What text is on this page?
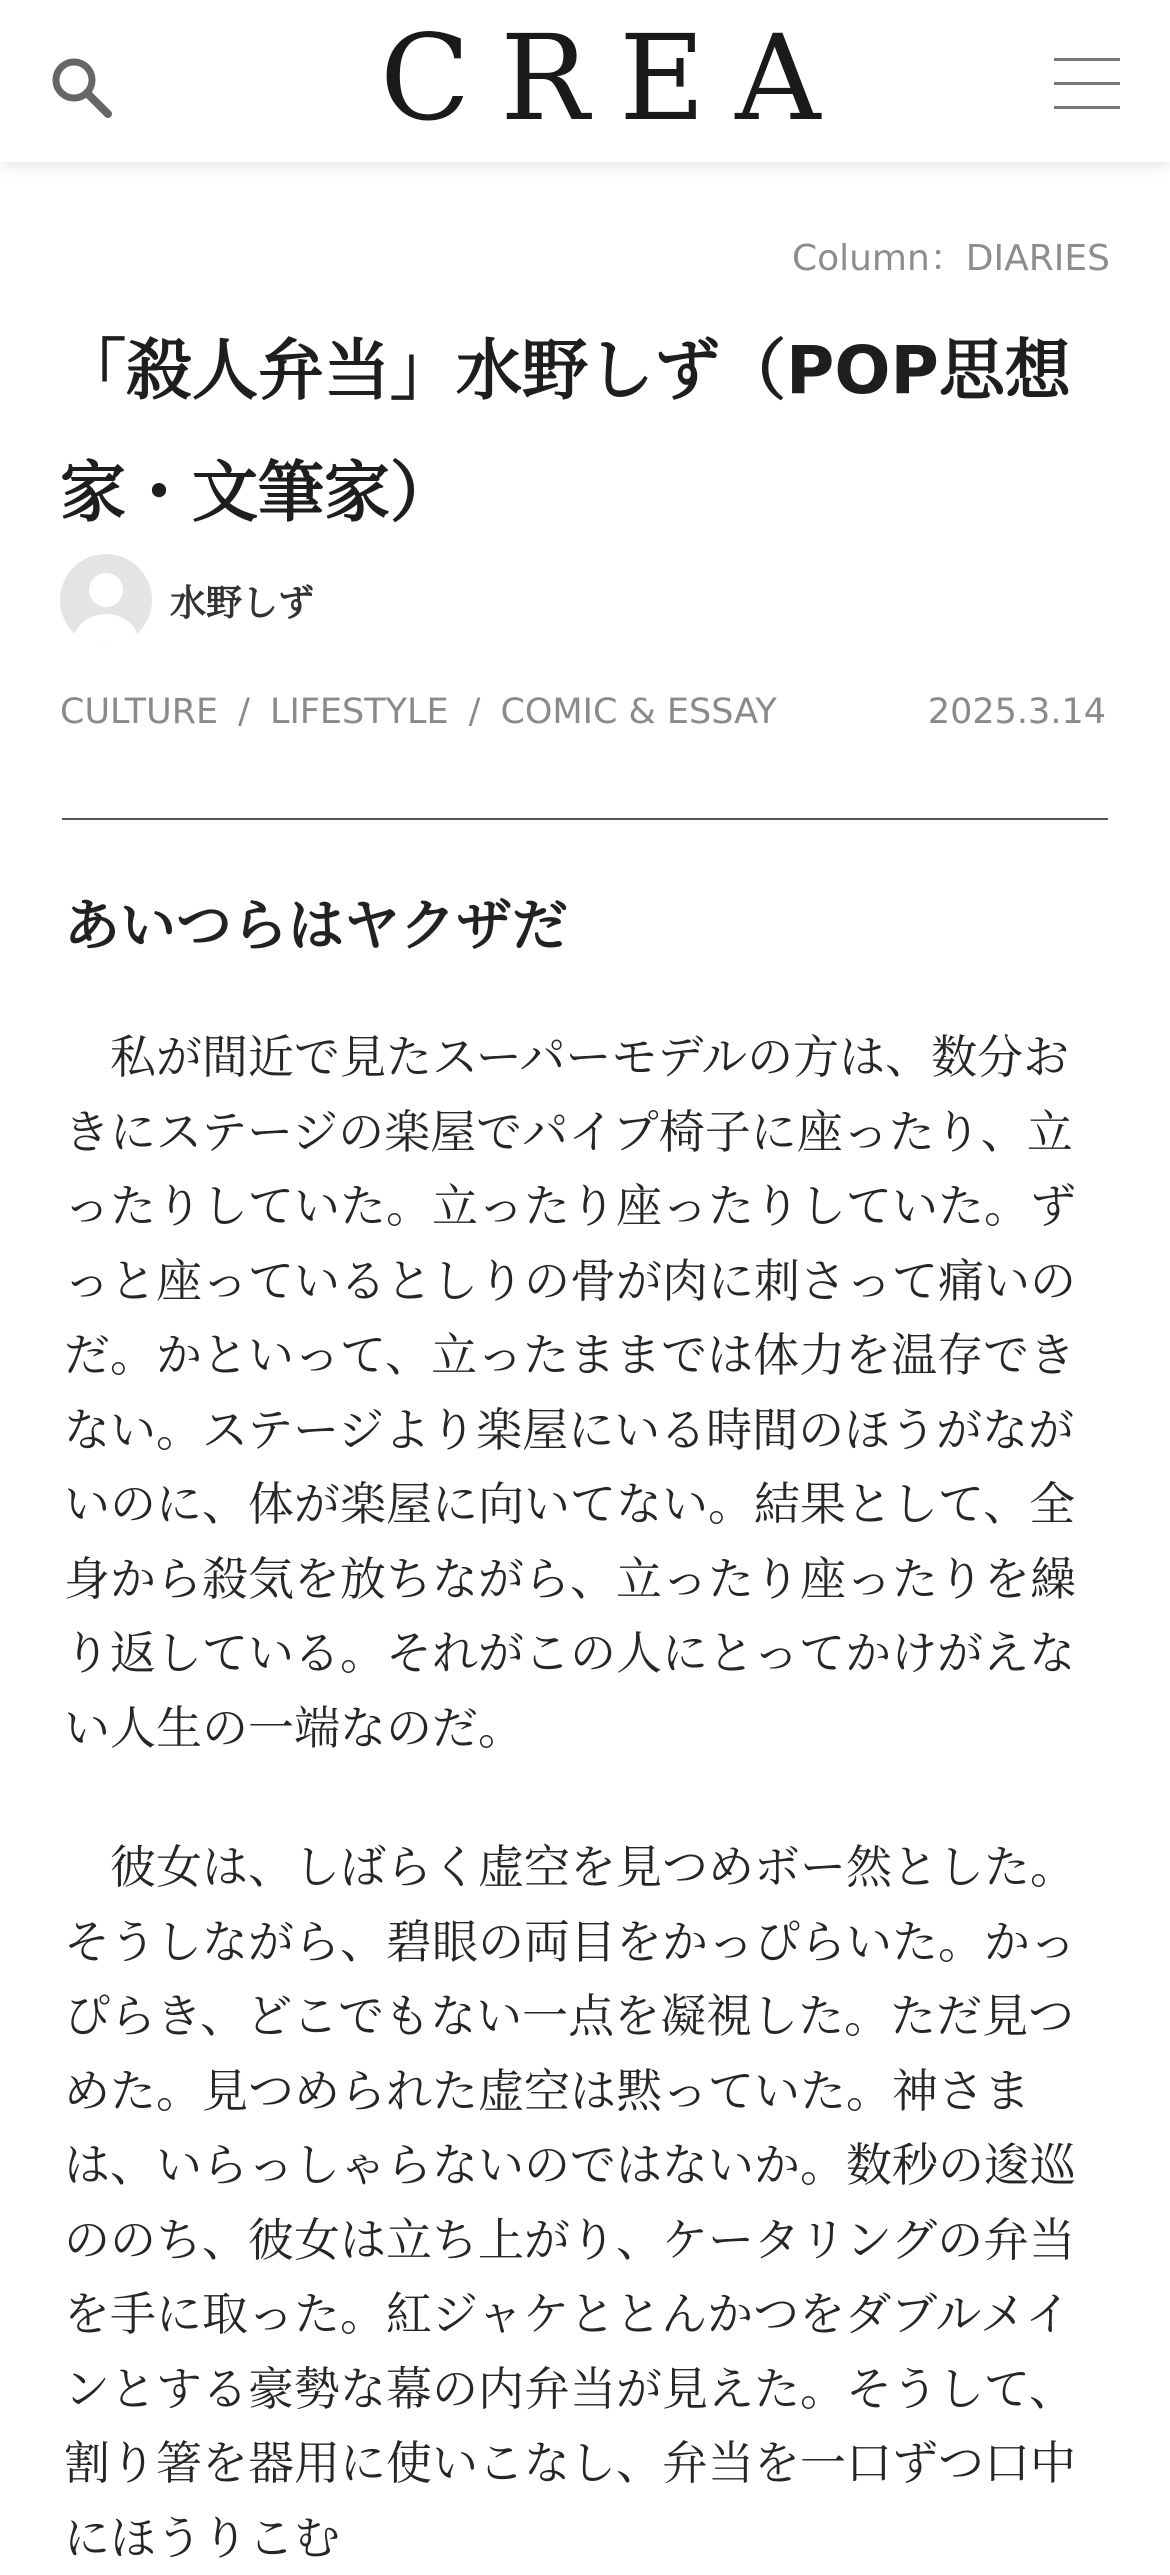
CREA
Column：DIARIES
「殺人弁当」水野しず（POP思想家・文筆家）
水野しず
CULTURE / LIFESTYLE / COMIC & ESSAY	2025.3.14
あいつらはヤクザだ

私が間近で見たスーパーモデルの方は、数分おきにステージの楽屋でパイプ椅子に座ったり、立ったりしていた。立ったり座ったりしていた。ずっと座っているとしりの骨が肉に刺さって痛いのだ。かといって、立ったままでは体力を温存できない。ステージより楽屋にいる時間のほうがながいのに、体が楽屋に向いてない。結果として、全身から殺気を放ちながら、立ったり座ったりを繰り返している。それがこの人にとってかけがえない人生の一端なのだ。

彼女は、しばらく虚空を見つめボー然とした。そうしながら、碧眼の両目をかっぴらいた。かっぴらき、どこでもない一点を凝視した。ただ見つめた。見つめられた虚空は黙っていた。神さまは、いらっしゃらないのではないか。数秒の逡巡ののち、彼女は立ち上がり、ケータリングの弁当を手に取った。紅ジャケととんかつをダブルメインとする豪勢な幕の内弁当が見えた。そうして、割り箸を器用に使いこなし、弁当を一口ずつ口中にほうりこむ
